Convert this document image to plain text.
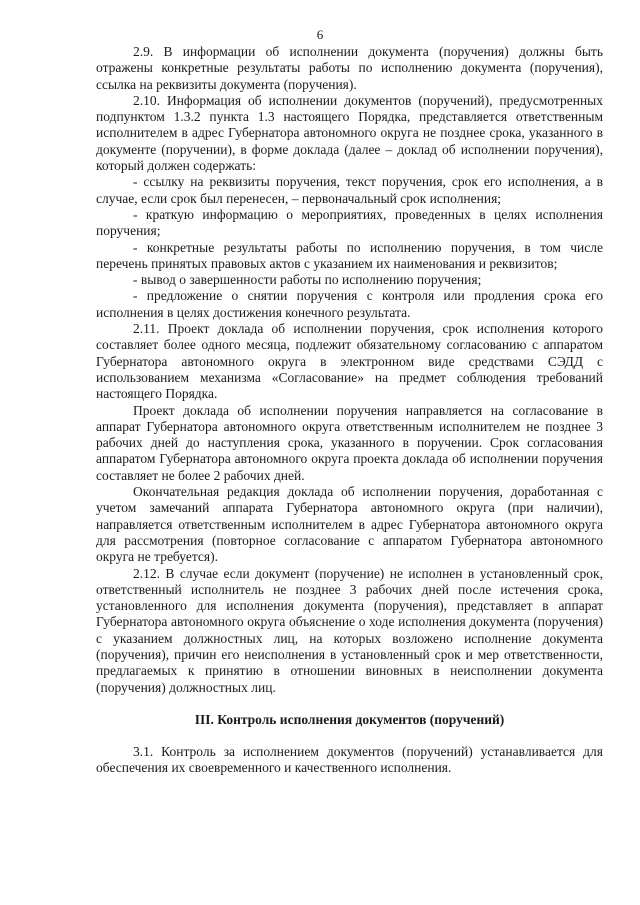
6

2.9. В информации об исполнении документа (поручения) должны быть отражены конкретные результаты работы по исполнению документа (поручения), ссылка на реквизиты документа (поручения).

2.10. Информация об исполнении документов (поручений), предусмотренных подпунктом 1.3.2 пункта 1.3 настоящего Порядка, представляется ответственным исполнителем в адрес Губернатора автономного округа не позднее срока, указанного в документе (поручении), в форме доклада (далее – доклад об исполнении поручения), который должен содержать:

- ссылку на реквизиты поручения, текст поручения, срок его исполнения, а в случае, если срок был перенесен, – первоначальный срок исполнения;

- краткую информацию о мероприятиях, проведенных в целях исполнения поручения;

- конкретные результаты работы по исполнению поручения, в том числе перечень принятых правовых актов с указанием их наименования и реквизитов;

- вывод о завершенности работы по исполнению поручения;

- предложение о снятии поручения с контроля или продления срока его исполнения в целях достижения конечного результата.

2.11. Проект доклада об исполнении поручения, срок исполнения которого составляет более одного месяца, подлежит обязательному согласованию с аппаратом Губернатора автономного округа в электронном виде средствами СЭДД с использованием механизма «Согласование» на предмет соблюдения требований настоящего Порядка.

Проект доклада об исполнении поручения направляется на согласование в аппарат Губернатора автономного округа ответственным исполнителем не позднее 3 рабочих дней до наступления срока, указанного в поручении. Срок согласования аппаратом Губернатора автономного округа проекта доклада об исполнении поручения составляет не более 2 рабочих дней.

Окончательная редакция доклада об исполнении поручения, доработанная с учетом замечаний аппарата Губернатора автономного округа (при наличии), направляется ответственным исполнителем в адрес Губернатора автономного округа для рассмотрения (повторное согласование с аппаратом Губернатора автономного округа не требуется).

2.12. В случае если документ (поручение) не исполнен в установленный срок, ответственный исполнитель не позднее 3 рабочих дней после истечения срока, установленного для исполнения документа (поручения), представляет в аппарат Губернатора автономного округа объяснение о ходе исполнения документа (поручения) с указанием должностных лиц, на которых возложено исполнение документа (поручения), причин его неисполнения в установленный срок и мер ответственности, предлагаемых к принятию в отношении виновных в неисполнении документа (поручения) должностных лиц.

III. Контроль исполнения документов (поручений)

3.1. Контроль за исполнением документов (поручений) устанавливается для обеспечения их своевременного и качественного исполнения.
